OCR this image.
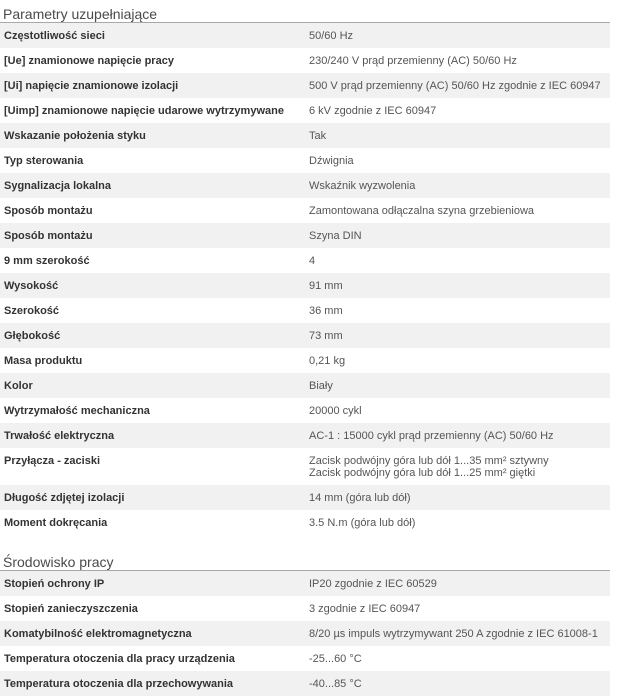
Parametry uzupełniające
Częstotliwość sieci	50/60 Hz

[Ue] znamionowe napięcie pracy	230/240 V prąd przemienny (AC) 50/60 Hz

[Ui] napięcie znamionowe izolacji	500 V prąd przemienny (AC) 50/60 Hz zgodnie z IEC 60947

[Uimp] znamionowe napięcie udarowe wytrzymywane	6 kV zgodnie z IEC 60947

Wskazanie położenia styku	Tak

Typ sterowania	Dźwignia

Sygnalizacja lokalna	Wskaźnik wyzwolenia

Sposób montażu	Zamontowana odłączalna szyna grzebieniowa

Sposób montażu	Szyna DIN

9 mm szerokość	4

Wysokość	91 mm

Szerokość	36 mm

Głębokość	73 mm

Masa produktu	0,21 kg

Kolor	Biały

Wytrzymałość mechaniczna	20000 cykl

Trwałość elektryczna	AC-1 : 15000 cykl prąd przemienny (AC) 50/60 Hz

Przyłącza - zaciski	Zacisk podwójny góra lub dół 1...35 mm² sztywny
Zacisk podwójny góra lub dół 1...25 mm² giętki

Długość zdjętej izolacji	14 mm (góra lub dół)

Moment dokręcania	3.5 N.m (góra lub dół)
Środowisko pracy
Stopień ochrony IP	IP20 zgodnie z IEC 60529

Stopień zanieczyszczenia	3 zgodnie z IEC 60947

Komatybilność elektromagnetyczna	8/20 µs impuls wytrzymywant 250 A zgodnie z IEC 61008-1

Temperatura otoczenia dla pracy urządzenia	-25...60 °C

Temperatura otoczenia dla przechowywania	-40...85 °C
